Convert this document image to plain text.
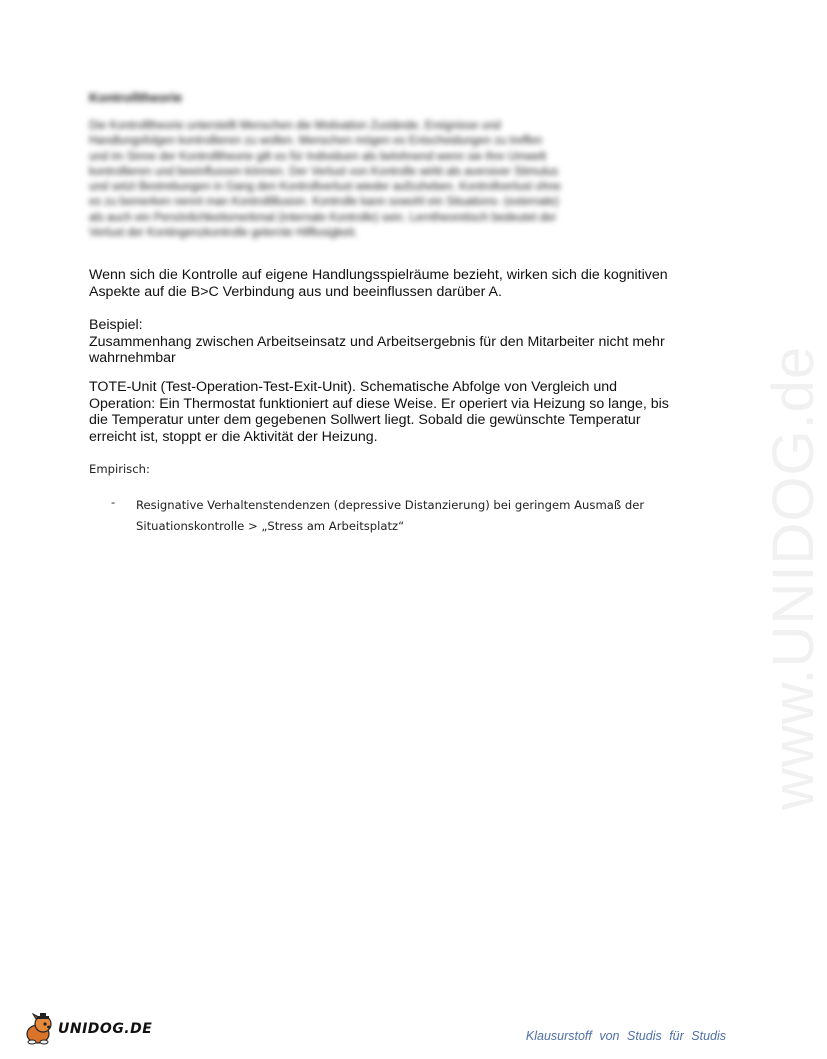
Kontrolltheorie
Die Kontrolltheorie unterstellt Menschen die Motivation Zustände, Ereignisse und
Handlungsfolgen kontrollieren zu wollen. Menschen mögen es Entscheidungen zu treffen
und im Sinne der Kontrolltheorie gilt es für Individuen als belohnend wenn sie ihre Umwelt
kontrollieren und beeinflussen können. Der Verlust von Kontrolle wirkt als aversiver Stimulus
und setzt Bestrebungen in Gang den Kontrollverlust wieder aufzuheben. Kontrollverlust ohne
es zu bemerken nennt man Kontrollillusion. Kontrolle kann sowohl ein Situations- (externale)
als auch ein Persönlichkeitsmerkmal (internale Kontrolle) sein. Lerntheoretisch bedeutet der
Verlust der Kontingenzkontrolle gelernte Hilflosigkeit.
Wenn sich die Kontrolle auf eigene Handlungsspielräume bezieht, wirken sich die kognitiven
Aspekte auf die B>C Verbindung aus und beeinflussen darüber A.
Beispiel:
Zusammenhang zwischen Arbeitseinsatz und Arbeitsergebnis für den Mitarbeiter nicht mehr
wahrnehmbar
TOTE-Unit (Test-Operation-Test-Exit-Unit). Schematische Abfolge von Vergleich und
Operation: Ein Thermostat funktioniert auf diese Weise. Er operiert via Heizung so lange, bis
die Temperatur unter dem gegebenen Sollwert liegt. Sobald die gewünschte Temperatur
erreicht ist, stoppt er die Aktivität der Heizung.
Empirisch:
- Resignative Verhaltenstendenzen (depressive Distanzierung) bei geringem Ausmaß der
Situationskontrolle > „Stress am Arbeitsplatz“	www.UNIDOG.de
UNIDOG.DE	Klausurstoff von Studis für Studis
